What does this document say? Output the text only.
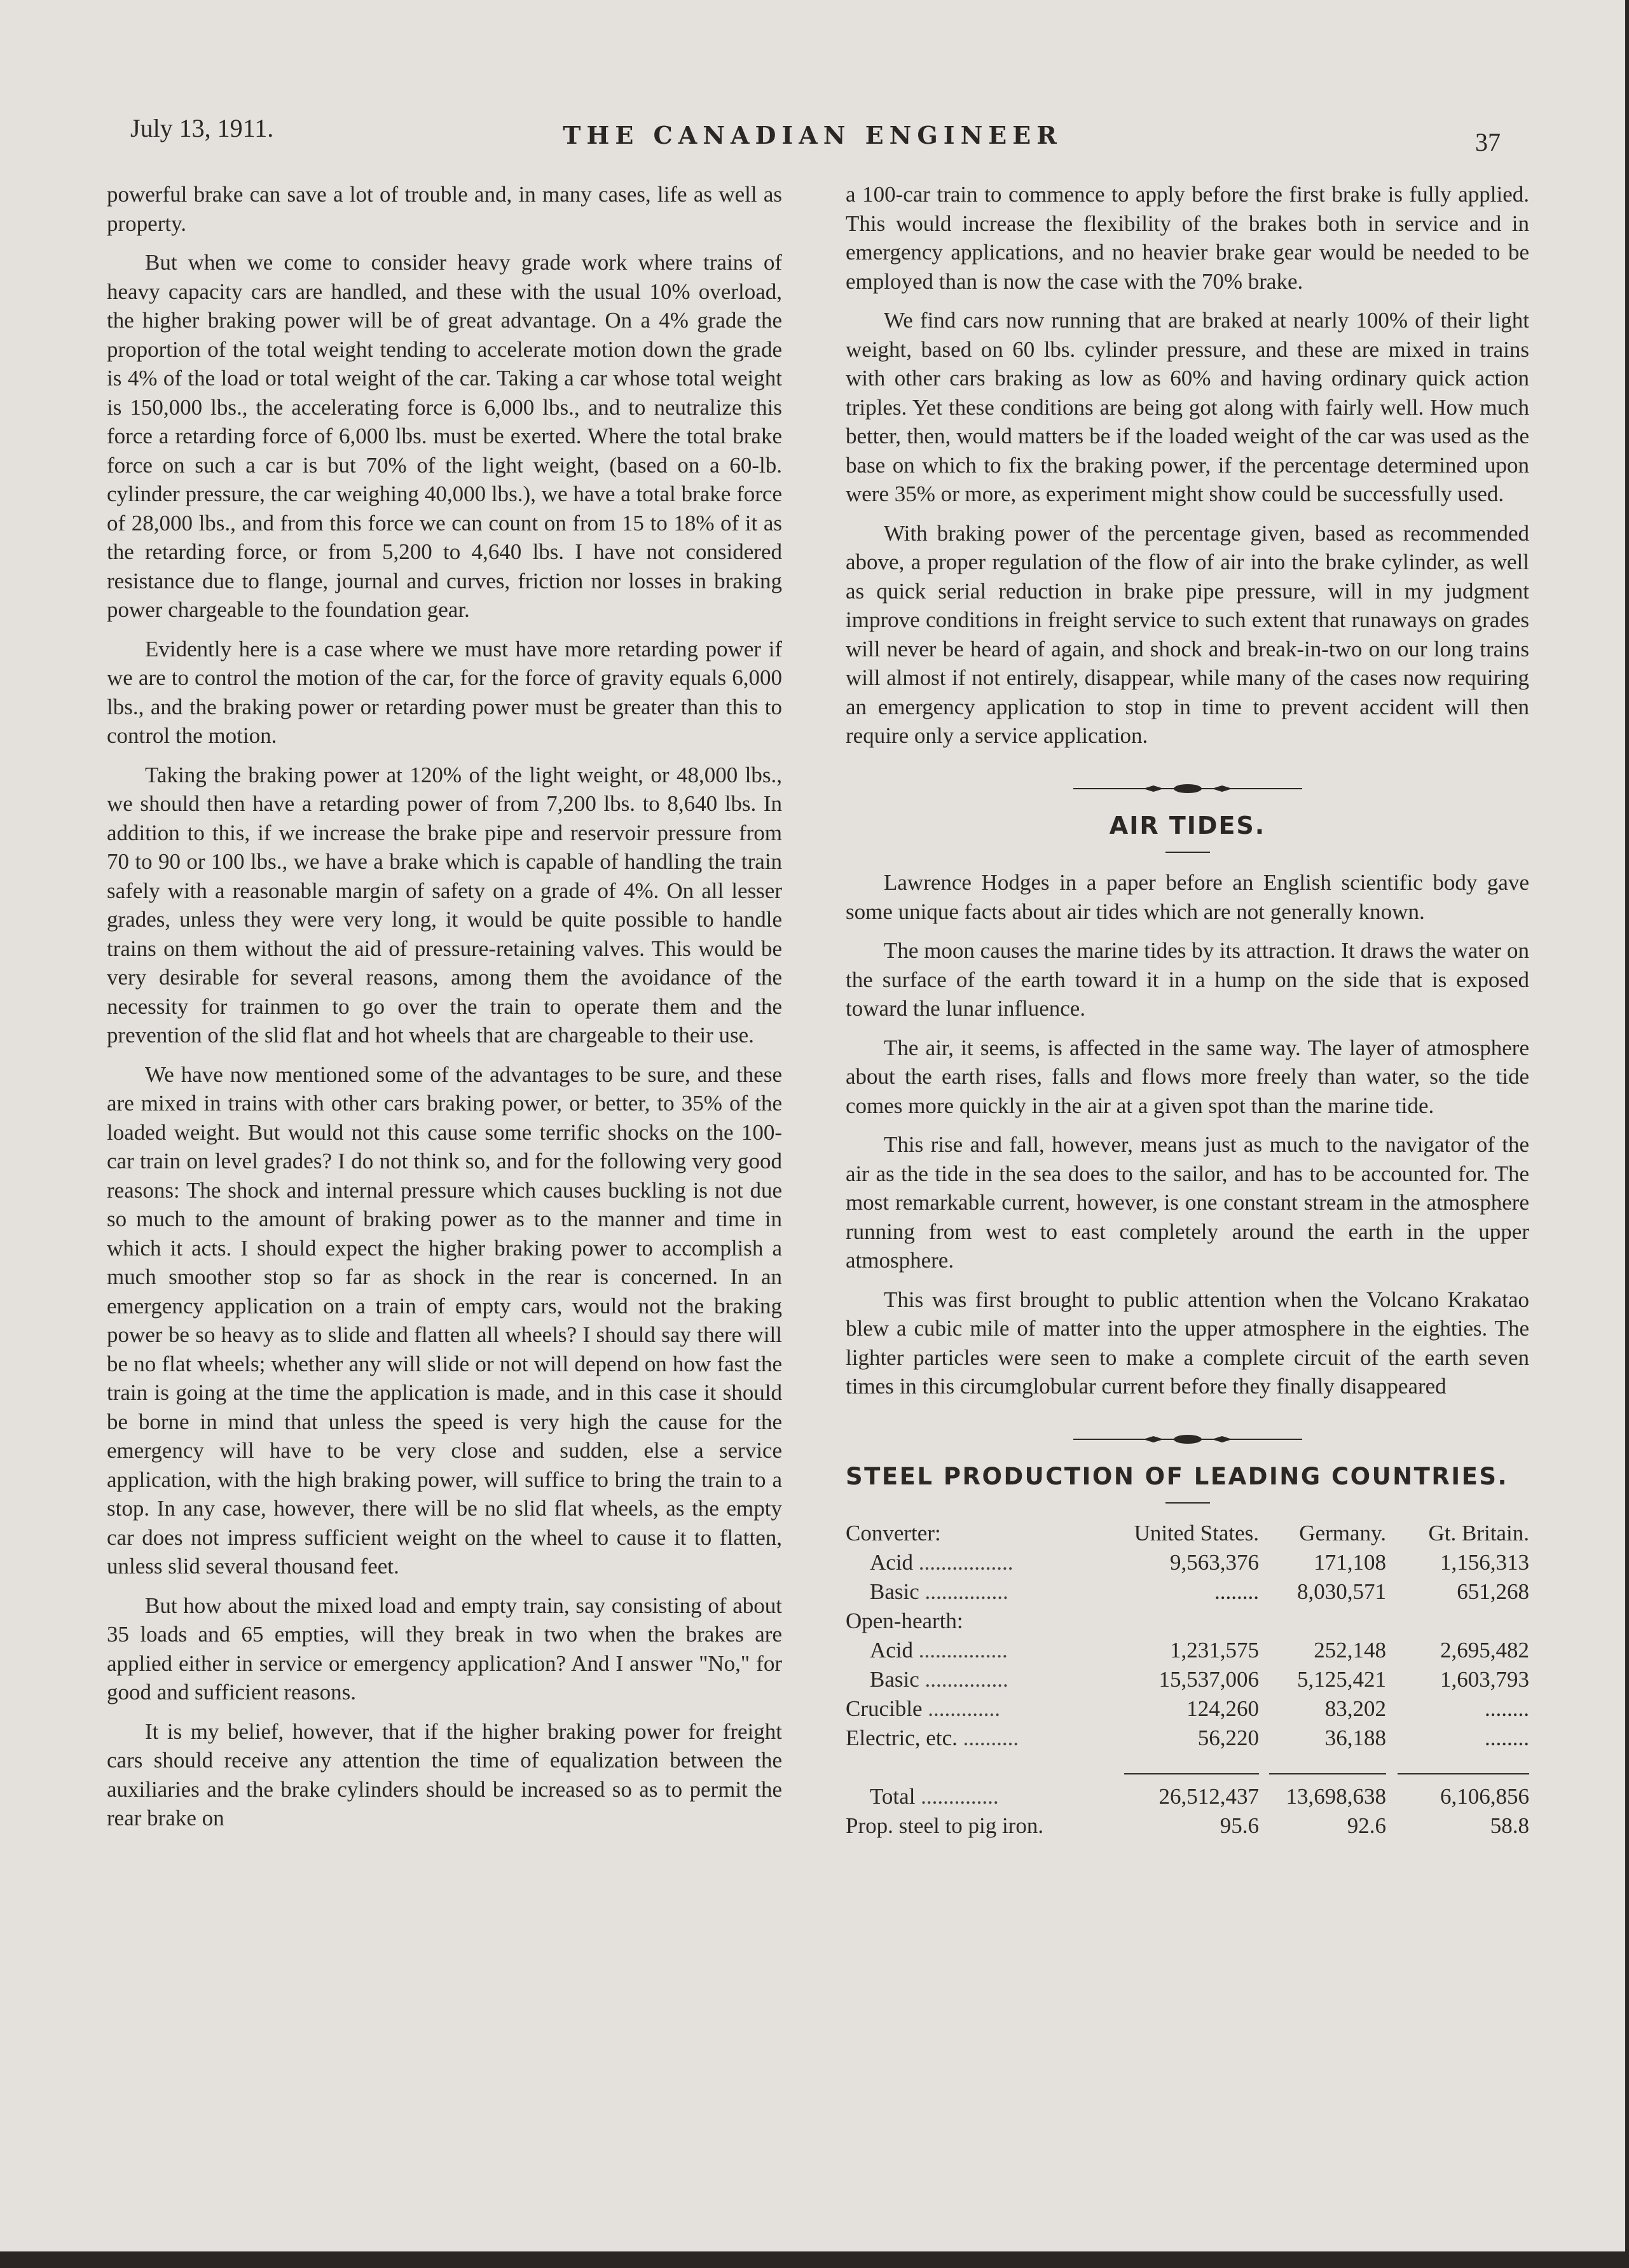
July 13, 1911.	THE CANADIAN ENGINEER	37

powerful brake can save a lot of trouble and, in many cases, life as well as property.

But when we come to consider heavy grade work where trains of heavy capacity cars are handled, and these with the usual 10% overload, the higher braking power will be of great advantage. On a 4% grade the proportion of the total weight tending to accelerate motion down the grade is 4% of the load or total weight of the car. Taking a car whose total weight is 150,000 lbs., the accelerating force is 6,000 lbs., and to neutralize this force a retarding force of 6,000 lbs. must be exerted. Where the total brake force on such a car is but 70% of the light weight, (based on a 60-lb. cylinder pressure, the car weighing 40,000 lbs.), we have a total brake force of 28,000 lbs., and from this force we can count on from 15 to 18% of it as the retarding force, or from 5,200 to 4,640 lbs. I have not considered resistance due to flange, journal and curves, friction nor losses in braking power chargeable to the foundation gear.

Evidently here is a case where we must have more retarding power if we are to control the motion of the car, for the force of gravity equals 6,000 lbs., and the braking power or retarding power must be greater than this to control the motion.

Taking the braking power at 120% of the light weight, or 48,000 lbs., we should then have a retarding power of from 7,200 lbs. to 8,640 lbs. In addition to this, if we increase the brake pipe and reservoir pressure from 70 to 90 or 100 lbs., we have a brake which is capable of handling the train safely with a reasonable margin of safety on a grade of 4%. On all lesser grades, unless they were very long, it would be quite possible to handle trains on them without the aid of pressure-retaining valves. This would be very desirable for several reasons, among them the avoidance of the necessity for trainmen to go over the train to operate them and the prevention of the slid flat and hot wheels that are chargeable to their use.

We have now mentioned some of the advantages to be sure, and these are mixed in trains with other cars braking power, or better, to 35% of the loaded weight. But would not this cause some terrific shocks on the 100-car train on level grades? I do not think so, and for the following very good reasons: The shock and internal pressure which causes buckling is not due so much to the amount of braking power as to the manner and time in which it acts. I should expect the higher braking power to accomplish a much smoother stop so far as shock in the rear is concerned. In an emergency application on a train of empty cars, would not the braking power be so heavy as to slide and flatten all wheels? I should say there will be no flat wheels; whether any will slide or not will depend on how fast the train is going at the time the application is made, and in this case it should be borne in mind that unless the speed is very high the cause for the emergency will have to be very close and sudden, else a service application, with the high braking power, will suffice to bring the train to a stop. In any case, however, there will be no slid flat wheels, as the empty car does not impress sufficient weight on the wheel to cause it to flatten, unless slid several thousand feet.

But how about the mixed load and empty train, say consisting of about 35 loads and 65 empties, will they break in two when the brakes are applied either in service or emergency application? And I answer "No," for good and sufficient reasons.

It is my belief, however, that if the higher braking power for freight cars should receive any attention the time of equalization between the auxiliaries and the brake cylinders should be increased so as to permit the rear brake on

a 100-car train to commence to apply before the first brake is fully applied. This would increase the flexibility of the brakes both in service and in emergency applications, and no heavier brake gear would be needed to be employed than is now the case with the 70% brake.

We find cars now running that are braked at nearly 100% of their light weight, based on 60 lbs. cylinder pressure, and these are mixed in trains with other cars braking as low as 60% and having ordinary quick action triples. Yet these conditions are being got along with fairly well. How much better, then, would matters be if the loaded weight of the car was used as the base on which to fix the braking power, if the percentage determined upon were 35% or more, as experiment might show could be successfully used.

With braking power of the percentage given, based as recommended above, a proper regulation of the flow of air into the brake cylinder, as well as quick serial reduction in brake pipe pressure, will in my judgment improve conditions in freight service to such extent that runaways on grades will never be heard of again, and shock and break-in-two on our long trains will almost if not entirely, disappear, while many of the cases now requiring an emergency application to stop in time to prevent accident will then require only a service application.

AIR TIDES.

Lawrence Hodges in a paper before an English scientific body gave some unique facts about air tides which are not generally known.

The moon causes the marine tides by its attraction. It draws the water on the surface of the earth toward it in a hump on the side that is exposed toward the lunar influence.

The air, it seems, is affected in the same way. The layer of atmosphere about the earth rises, falls and flows more freely than water, so the tide comes more quickly in the air at a given spot than the marine tide.

This rise and fall, however, means just as much to the navigator of the air as the tide in the sea does to the sailor, and has to be accounted for. The most remarkable current, however, is one constant stream in the atmosphere running from west to east completely around the earth in the upper atmosphere.

This was first brought to public attention when the Volcano Krakatao blew a cubic mile of matter into the upper atmosphere in the eighties. The lighter particles were seen to make a complete circuit of the earth seven times in this circumglobular current before they finally disappeared

STEEL PRODUCTION OF LEADING COUNTRIES.
Converter:	United States.	Germany.	Gt. Britain.
Acid .................	9,563,376	171,108	1,156,313
Basic ...............	........	8,030,571	651,268
Open-hearth:			
Acid ................	1,231,575	252,148	2,695,482
Basic ...............	15,537,006	5,125,421	1,603,793
Crucible .............	124,260	83,202	........
Electric, etc. ..........	56,220	36,188	........

Total ..............	26,512,437	13,698,638	6,106,856
Prop. steel to pig iron.	95.6	92.6	58.8
